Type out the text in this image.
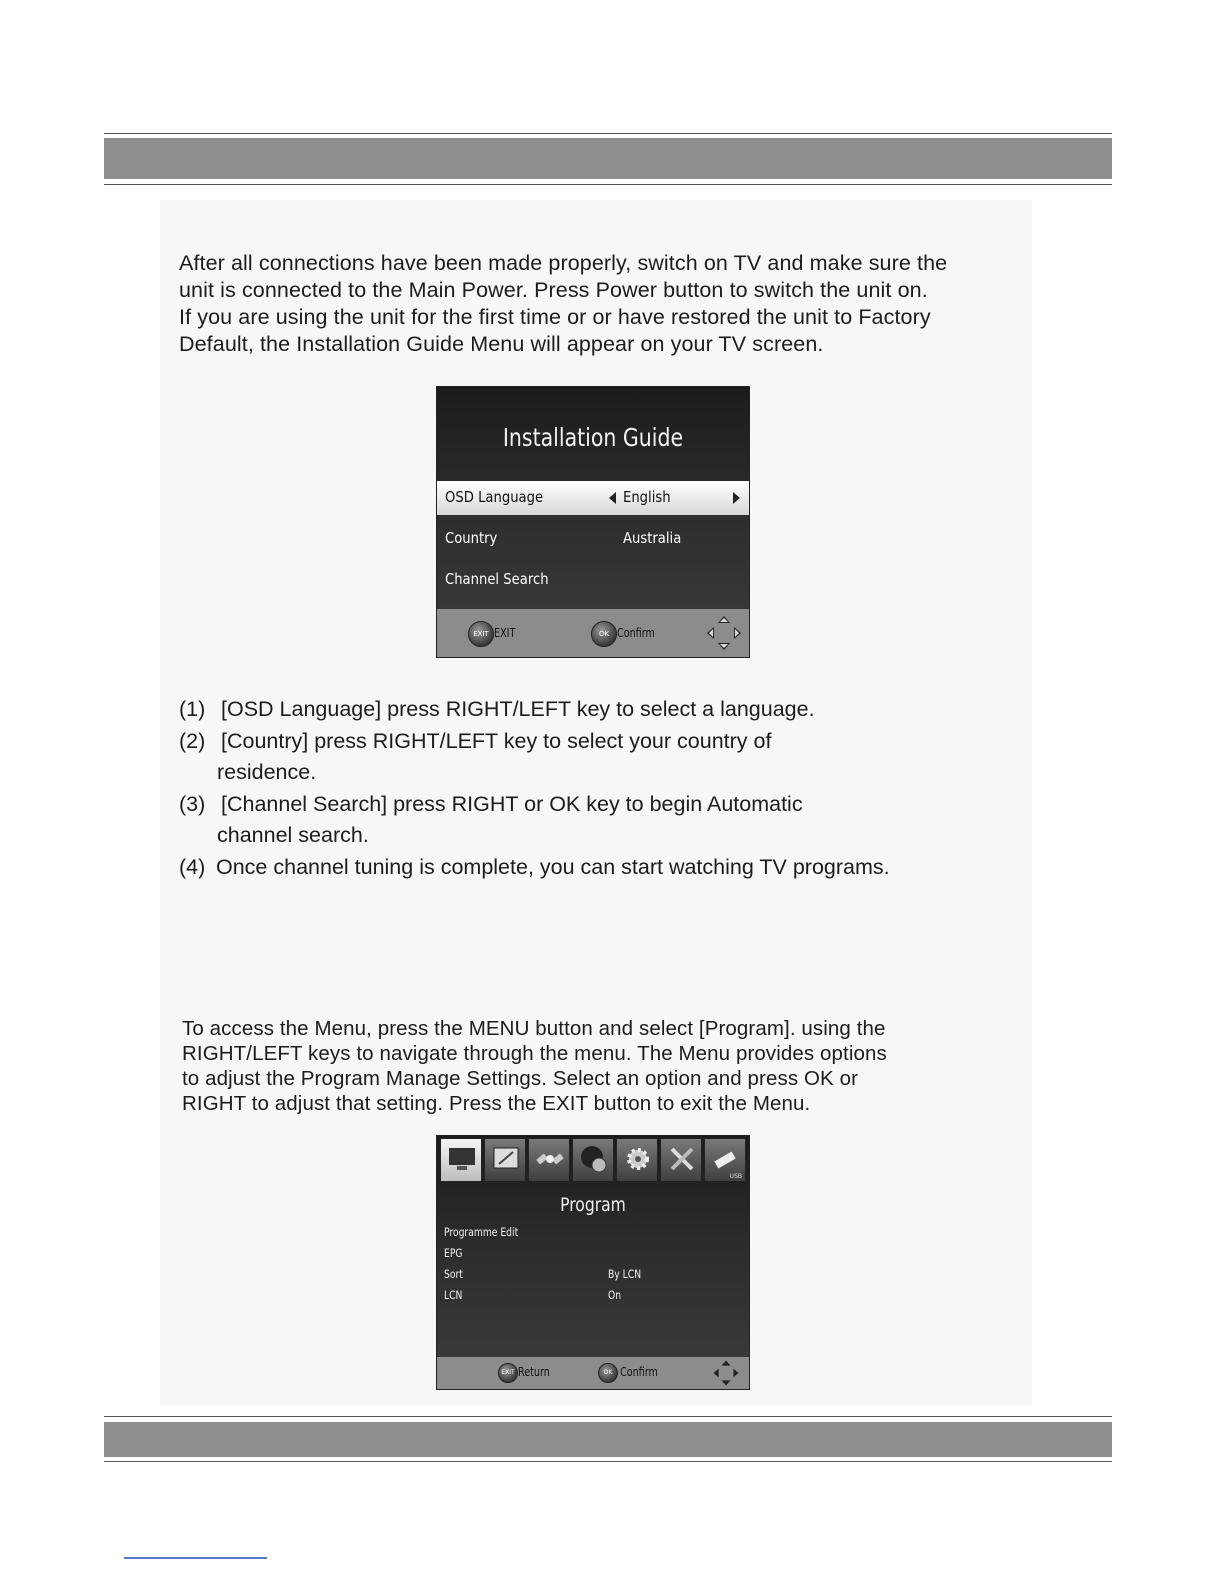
After all connections have been made properly, switch on TV and make sure the
unit is connected to the Main Power. Press Power button to switch the unit on.
If you are using the unit for the first time or or have restored the unit to Factory
Default, the Installation Guide Menu will appear on your TV screen.

Installation Guide
OSD Language	English
Country	Australia
Channel Search
EXIT EXIT	OK Confirm
(1) [OSD Language] press RIGHT/LEFT key to select a language.
(2) [Country] press RIGHT/LEFT key to select your country of
residence.
(3) [Channel Search] press RIGHT or OK key to begin Automatic
channel search.
(4) Once channel tuning is complete, you can start watching TV programs.

To access the Menu, press the MENU button and select [Program]. using the
RIGHT/LEFT keys to navigate through the menu. The Menu provides options
to adjust the Program Manage Settings. Select an option and press OK or
RIGHT to adjust that setting. Press the EXIT button to exit the Menu.

USB
Program
Programme Edit
EPG
Sort	By LCN
LCN	On
EXIT Return	OK Confirm
